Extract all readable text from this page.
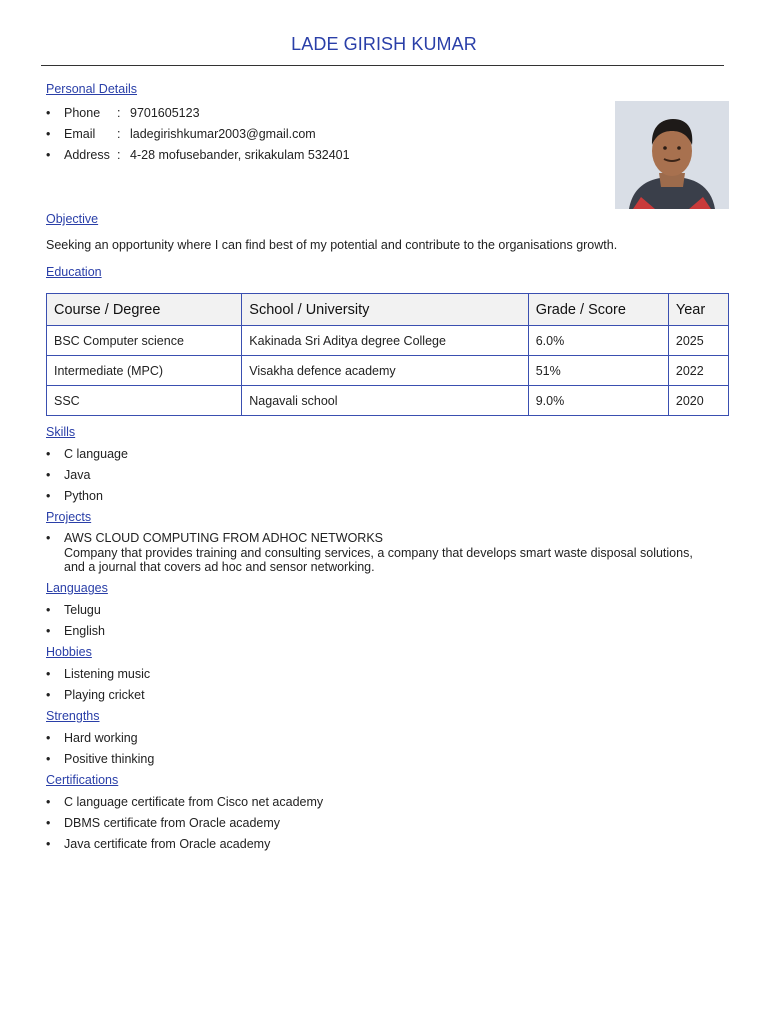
LADE GIRISH KUMAR
Personal Details
• Phone : 9701605123
• Email : ladegirishkumar2003@gmail.com
• Address : 4-28 mofusebander, srikakulam 532401
Objective
Seeking an opportunity where I can find best of my potential and contribute to the organisations growth.
Education
Course / Degree	School / University	Grade / Score	Year
BSC Computer science	Kakinada Sri Aditya degree College	6.0%	2025
Intermediate (MPC)	Visakha defence academy	51%	2022
SSC	Nagavali school	9.0%	2020
Skills
• C language
• Java
• Python
Projects
• AWS CLOUD COMPUTING FROM ADHOC NETWORKS
Company that provides training and consulting services, a company that develops smart waste disposal solutions, and a journal that covers ad hoc and sensor networking.
Languages
• Telugu
• English
Hobbies
• Listening music
• Playing cricket
Strengths
• Hard working
• Positive thinking
Certifications
• C language certificate from Cisco net academy
• DBMS certificate from Oracle academy
• Java certificate from Oracle academy
